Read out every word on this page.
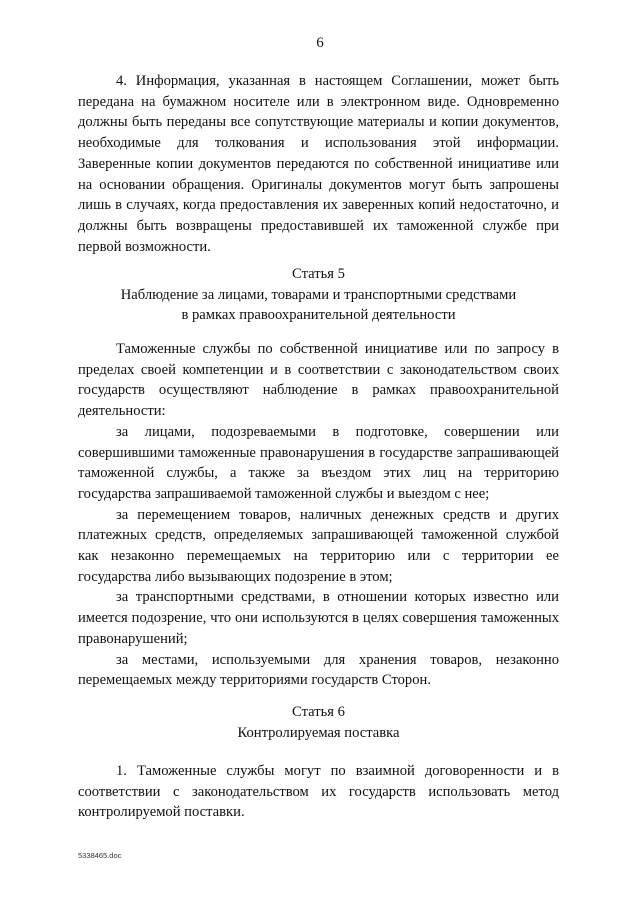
6

4. Информация, указанная в настоящем Соглашении, может быть передана на бумажном носителе или в электронном виде. Одновременно должны быть переданы все сопутствующие материалы и копии документов, необходимые для толкования и использования этой информации. Заверенные копии документов передаются по собственной инициативе или на основании обращения. Оригиналы документов могут быть запрошены лишь в случаях, когда предоставления их заверенных копий недостаточно, и должны быть возвращены предоставившей их таможенной службе при первой возможности.

Статья 5
Наблюдение за лицами, товарами и транспортными средствами
в рамках правоохранительной деятельности

Таможенные службы по собственной инициативе или по запросу в пределах своей компетенции и в соответствии с законодательством своих государств осуществляют наблюдение в рамках правоохранительной деятельности:

за лицами, подозреваемыми в подготовке, совершении или совершившими таможенные правонарушения в государстве запрашивающей таможенной службы, а также за въездом этих лиц на территорию государства запрашиваемой таможенной службы и выездом с нее;

за перемещением товаров, наличных денежных средств и других платежных средств, определяемых запрашивающей таможенной службой как незаконно перемещаемых на территорию или с территории ее государства либо вызывающих подозрение в этом;

за транспортными средствами, в отношении которых известно или имеется подозрение, что они используются в целях совершения таможенных правонарушений;

за местами, используемыми для хранения товаров, незаконно перемещаемых между территориями государств Сторон.

Статья 6
Контролируемая поставка

1. Таможенные службы могут по взаимной договоренности и в соответствии с законодательством их государств использовать метод контролируемой поставки.

5338465.doc
